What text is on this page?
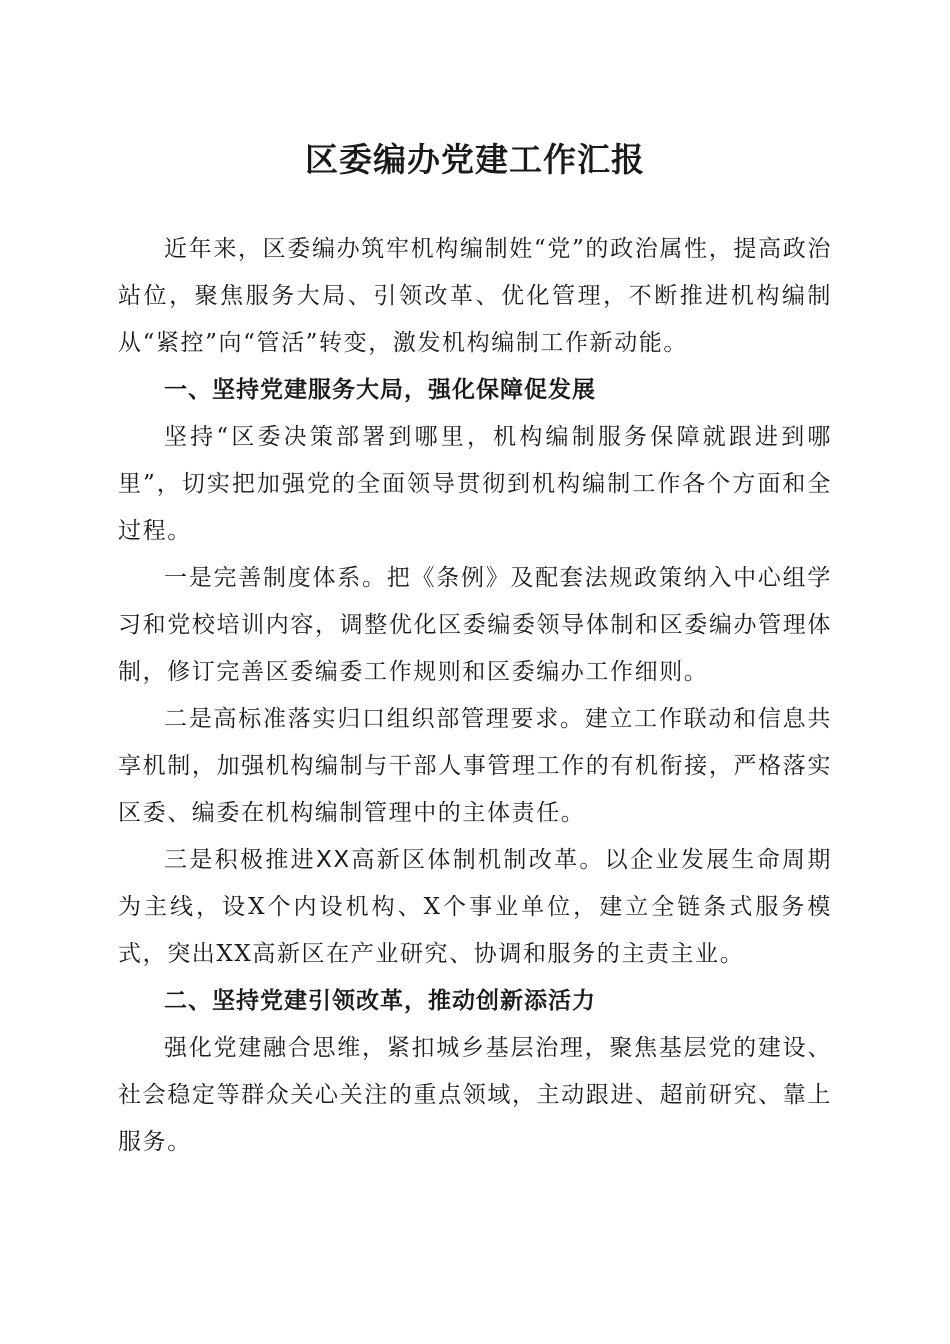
区委编办党建工作汇报

近年来，区委编办筑牢机构编制姓“党”的政治属性，提高政治站位，聚焦服务大局、引领改革、优化管理，不断推进机构编制从“紧控”向“管活”转变，激发机构编制工作新动能。

一、坚持党建服务大局，强化保障促发展

坚持“区委决策部署到哪里，机构编制服务保障就跟进到哪里”，切实把加强党的全面领导贯彻到机构编制工作各个方面和全过程。

一是完善制度体系。把《条例》及配套法规政策纳入中心组学习和党校培训内容，调整优化区委编委领导体制和区委编办管理体制，修订完善区委编委工作规则和区委编办工作细则。

二是高标准落实归口组织部管理要求。建立工作联动和信息共享机制，加强机构编制与干部人事管理工作的有机衔接，严格落实区委、编委在机构编制管理中的主体责任。

三是积极推进XX高新区体制机制改革。以企业发展生命周期为主线，设X个内设机构、X个事业单位，建立全链条式服务模式，突出XX高新区在产业研究、协调和服务的主责主业。

二、坚持党建引领改革，推动创新添活力

强化党建融合思维，紧扣城乡基层治理，聚焦基层党的建设、社会稳定等群众关心关注的重点领域，主动跟进、超前研究、靠上服务。
